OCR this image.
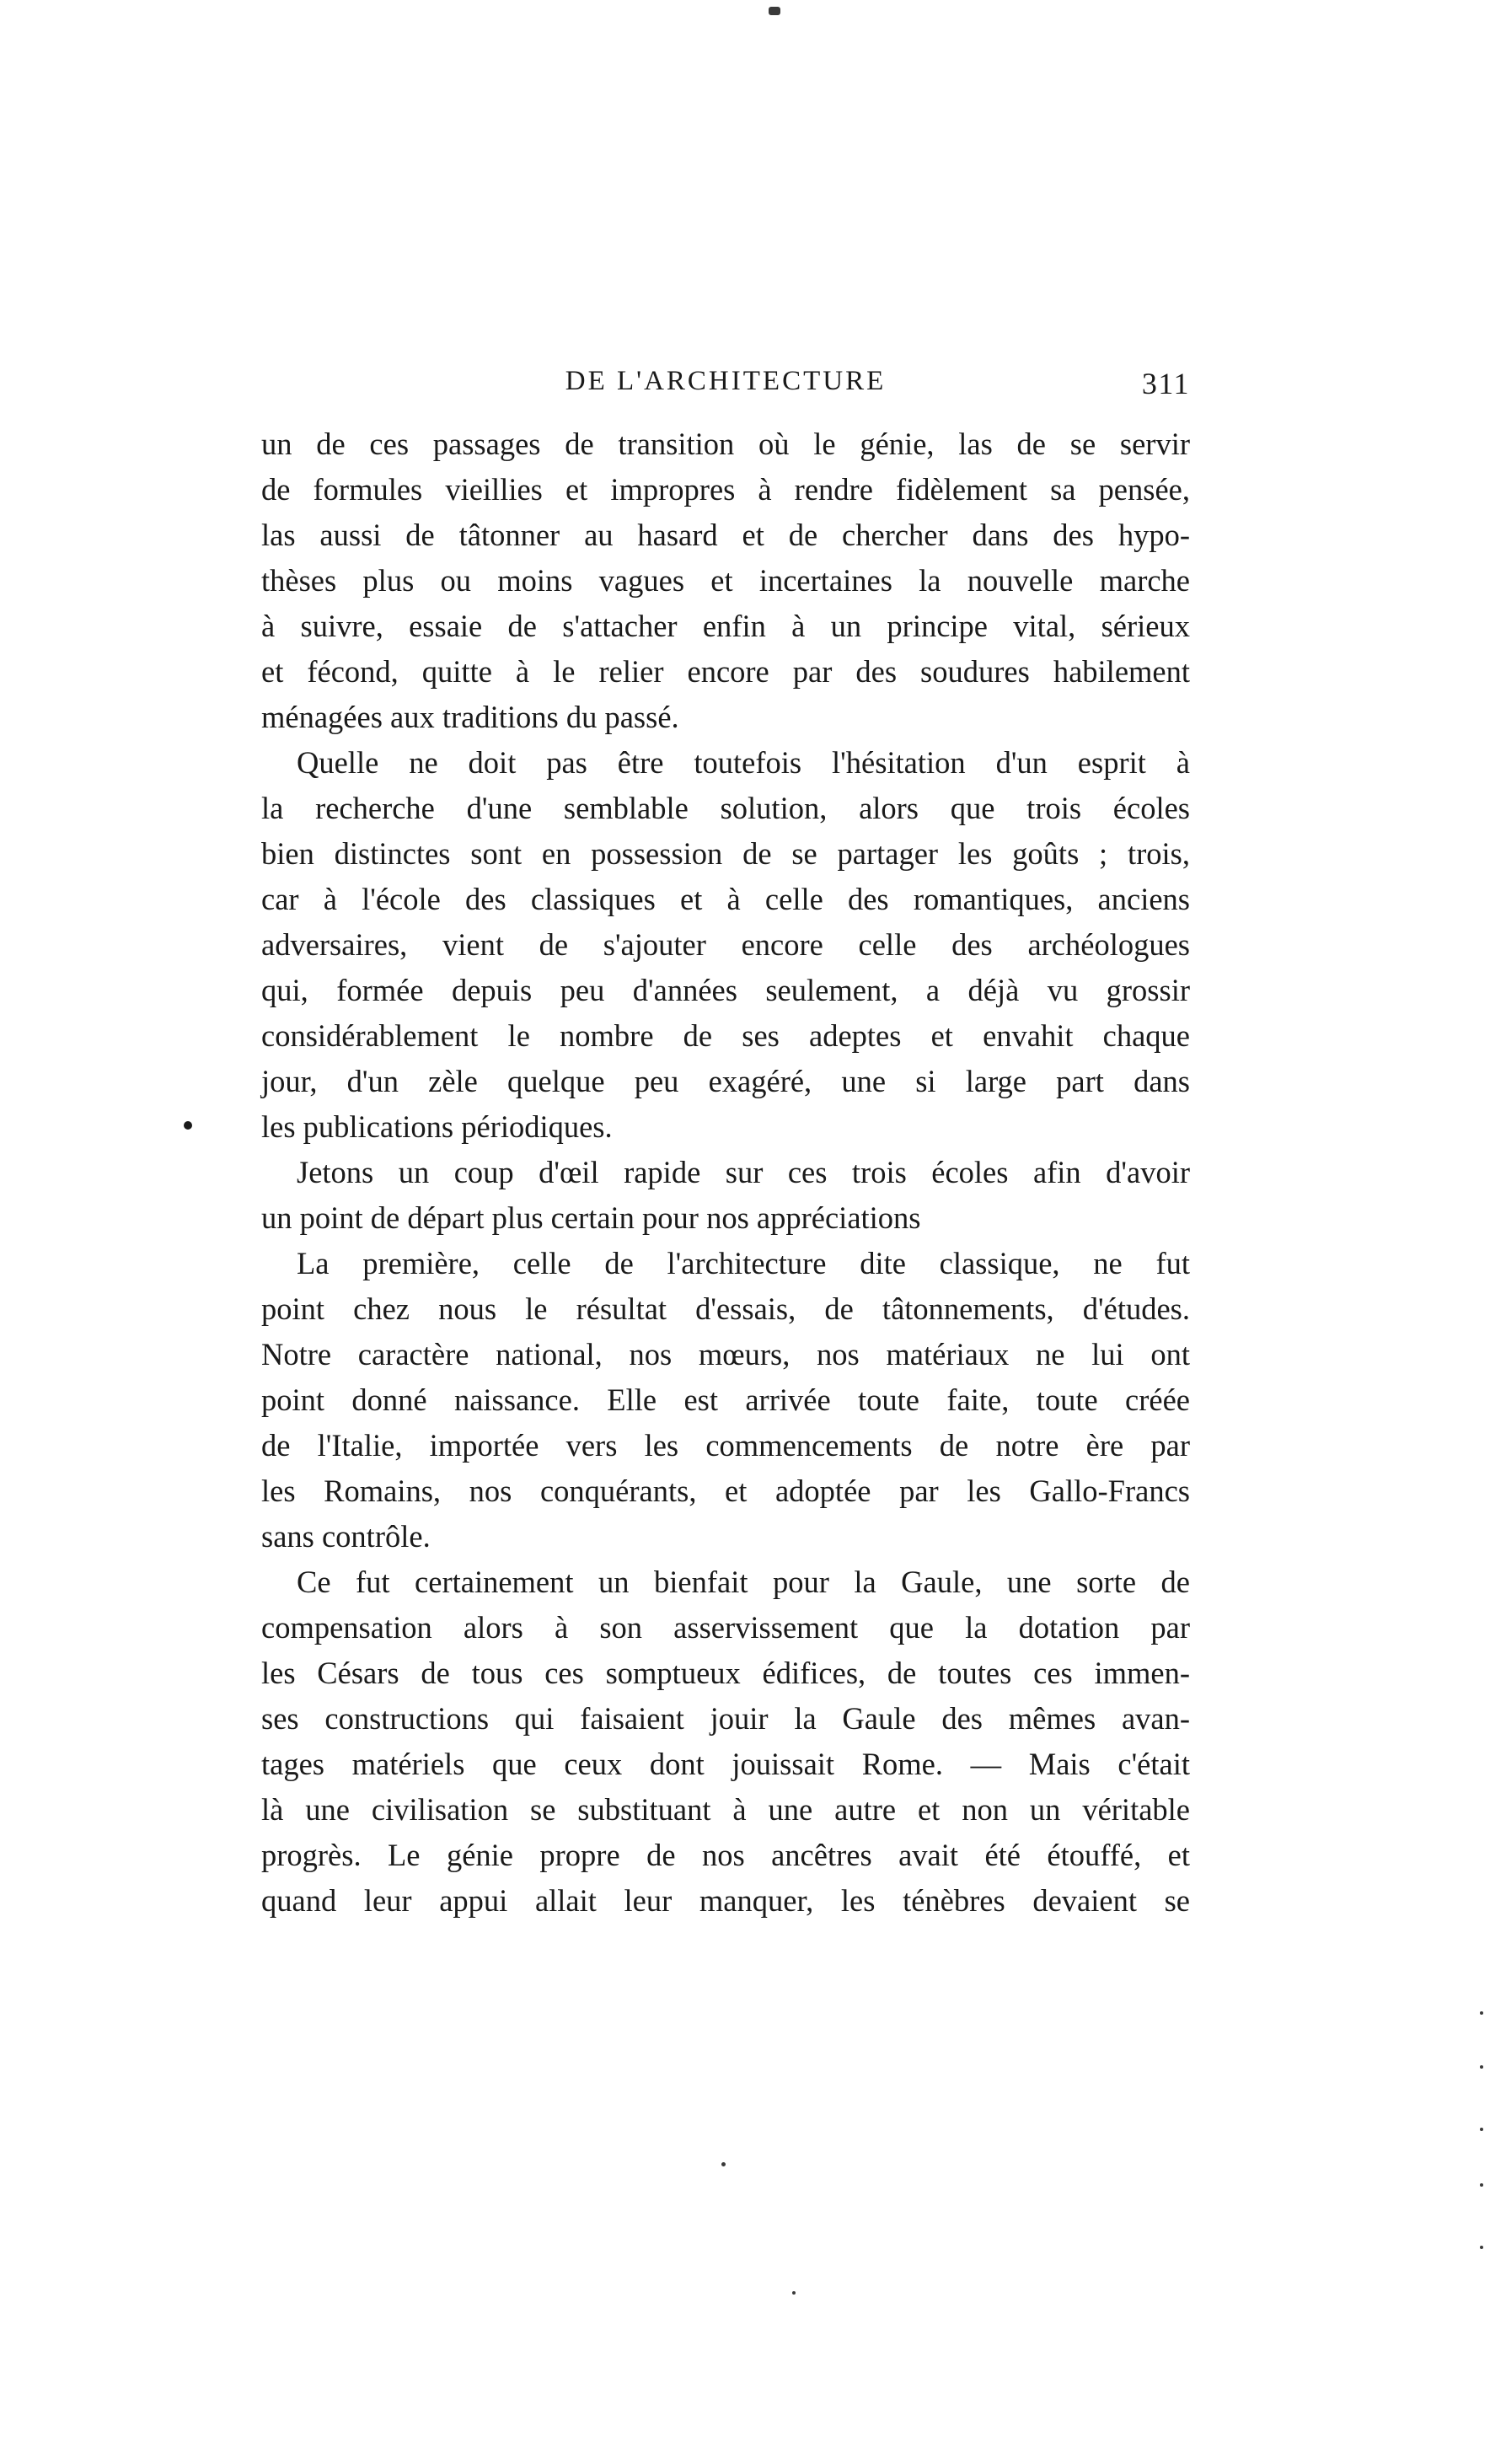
DE L'ARCHITECTURE	311
un de ces passages de transition où le génie, las de se servir
de formules vieillies et impropres à rendre fidèlement sa pensée,
las aussi de tâtonner au hasard et de chercher dans des hypo-
thèses plus ou moins vagues et incertaines la nouvelle marche
à suivre, essaie de s'attacher enfin à un principe vital, sérieux
et fécond, quitte à le relier encore par des soudures habilement
ménagées aux traditions du passé.
Quelle ne doit pas être toutefois l'hésitation d'un esprit à
la recherche d'une semblable solution, alors que trois écoles
bien distinctes sont en possession de se partager les goûts ; trois,
car à l'école des classiques et à celle des romantiques, anciens
adversaires, vient de s'ajouter encore celle des archéologues
qui, formée depuis peu d'années seulement, a déjà vu grossir
considérablement le nombre de ses adeptes et envahit chaque
jour, d'un zèle quelque peu exagéré, une si large part dans
les publications périodiques.
Jetons un coup d'œil rapide sur ces trois écoles afin d'avoir
un point de départ plus certain pour nos appréciations
La première, celle de l'architecture dite classique, ne fut
point chez nous le résultat d'essais, de tâtonnements, d'études.
Notre caractère national, nos mœurs, nos matériaux ne lui ont
point donné naissance. Elle est arrivée toute faite, toute créée
de l'Italie, importée vers les commencements de notre ère par
les Romains, nos conquérants, et adoptée par les Gallo-Francs
sans contrôle.
Ce fut certainement un bienfait pour la Gaule, une sorte de
compensation alors à son asservissement que la dotation par
les Césars de tous ces somptueux édifices, de toutes ces immen-
ses constructions qui faisaient jouir la Gaule des mêmes avan-
tages matériels que ceux dont jouissait Rome. — Mais c'était
là une civilisation se substituant à une autre et non un véritable
progrès. Le génie propre de nos ancêtres avait été étouffé, et
quand leur appui allait leur manquer, les ténèbres devaient se
